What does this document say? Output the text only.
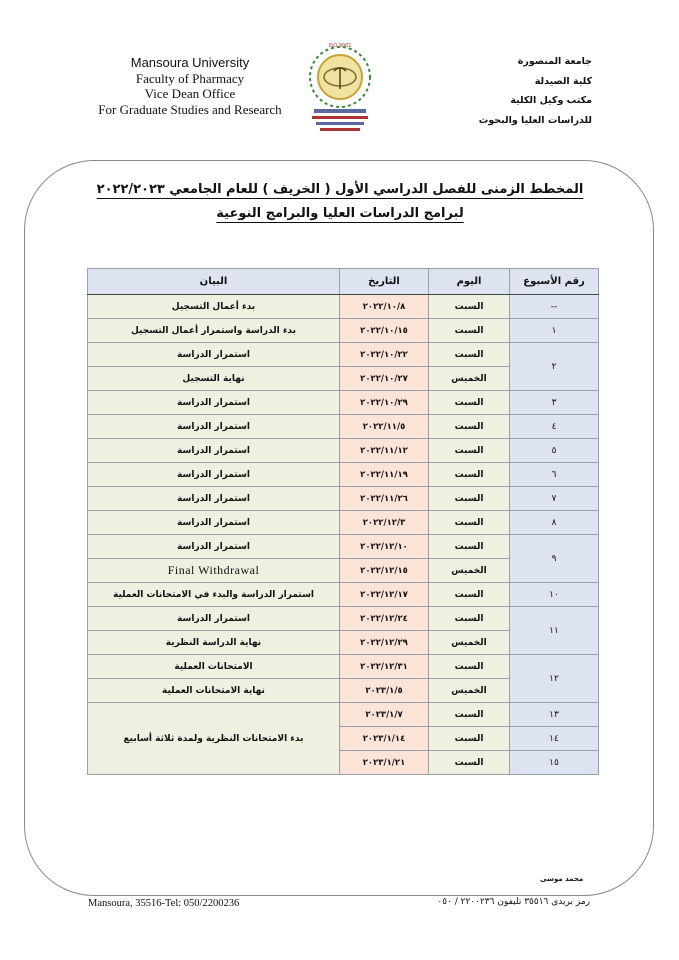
Mansoura University
Faculty of Pharmacy
Vice Dean Office
For Graduate Studies and Research
ISO 9001
جامعة المنصورة
كلية الصيدلة
مكتب وكيل الكلية
للدراسات العليا والبحوث
المخطط الزمنى للفصل الدراسي الأول ( الخريف ) للعام الجامعي ٢٠٢٢/٢٠٢٣
لبرامج الدراسات العليا والبرامج النوعية
رقم الأسبوع	اليوم	التاريخ	البيان
--	السبت	٢٠٢٢/١٠/٨	بدء أعمال التسجيل
١	السبت	٢٠٢٢/١٠/١٥	بدء الدراسة واستمرار أعمال التسجيل
٢	السبت	٢٠٢٢/١٠/٢٢	استمرار الدراسة
	الخميس	٢٠٢٢/١٠/٢٧	نهاية التسجيل
٣	السبت	٢٠٢٢/١٠/٢٩	استمرار الدراسة
٤	السبت	٢٠٢٢/١١/٥	استمرار الدراسة
٥	السبت	٢٠٢٢/١١/١٢	استمرار الدراسة
٦	السبت	٢٠٢٢/١١/١٩	استمرار الدراسة
٧	السبت	٢٠٢٢/١١/٢٦	استمرار الدراسة
٨	السبت	٢٠٢٢/١٢/٣	استمرار الدراسة
٩	السبت	٢٠٢٢/١٢/١٠	استمرار الدراسة
	الخميس	٢٠٢٢/١٢/١٥	Final Withdrawal
١٠	السبت	٢٠٢٢/١٢/١٧	استمرار الدراسة والبدء في الامتحانات العملية
١١	السبت	٢٠٢٢/١٢/٢٤	استمرار الدراسة
	الخميس	٢٠٢٢/١٢/٢٩	نهاية الدراسة النظرية
١٢	السبت	٢٠٢٢/١٢/٣١	الامتحانات العملية
	الخميس	٢٠٢٣/١/٥	نهاية الامتحانات العملية
١٣	السبت	٢٠٢٣/١/٧	بدء الامتحانات النظرية ولمدة ثلاثة أسابيع
١٤	السبت	٢٠٢٣/١/١٤	
١٥	السبت	٢٠٢٣/١/٢١	
محمد موسى
Mansoura, 35516-Tel: 050/2200236	رمز بريدى ٣٥٥١٦ تليفون ٢٢٠٠٢٣٦ / ٠٥٠
